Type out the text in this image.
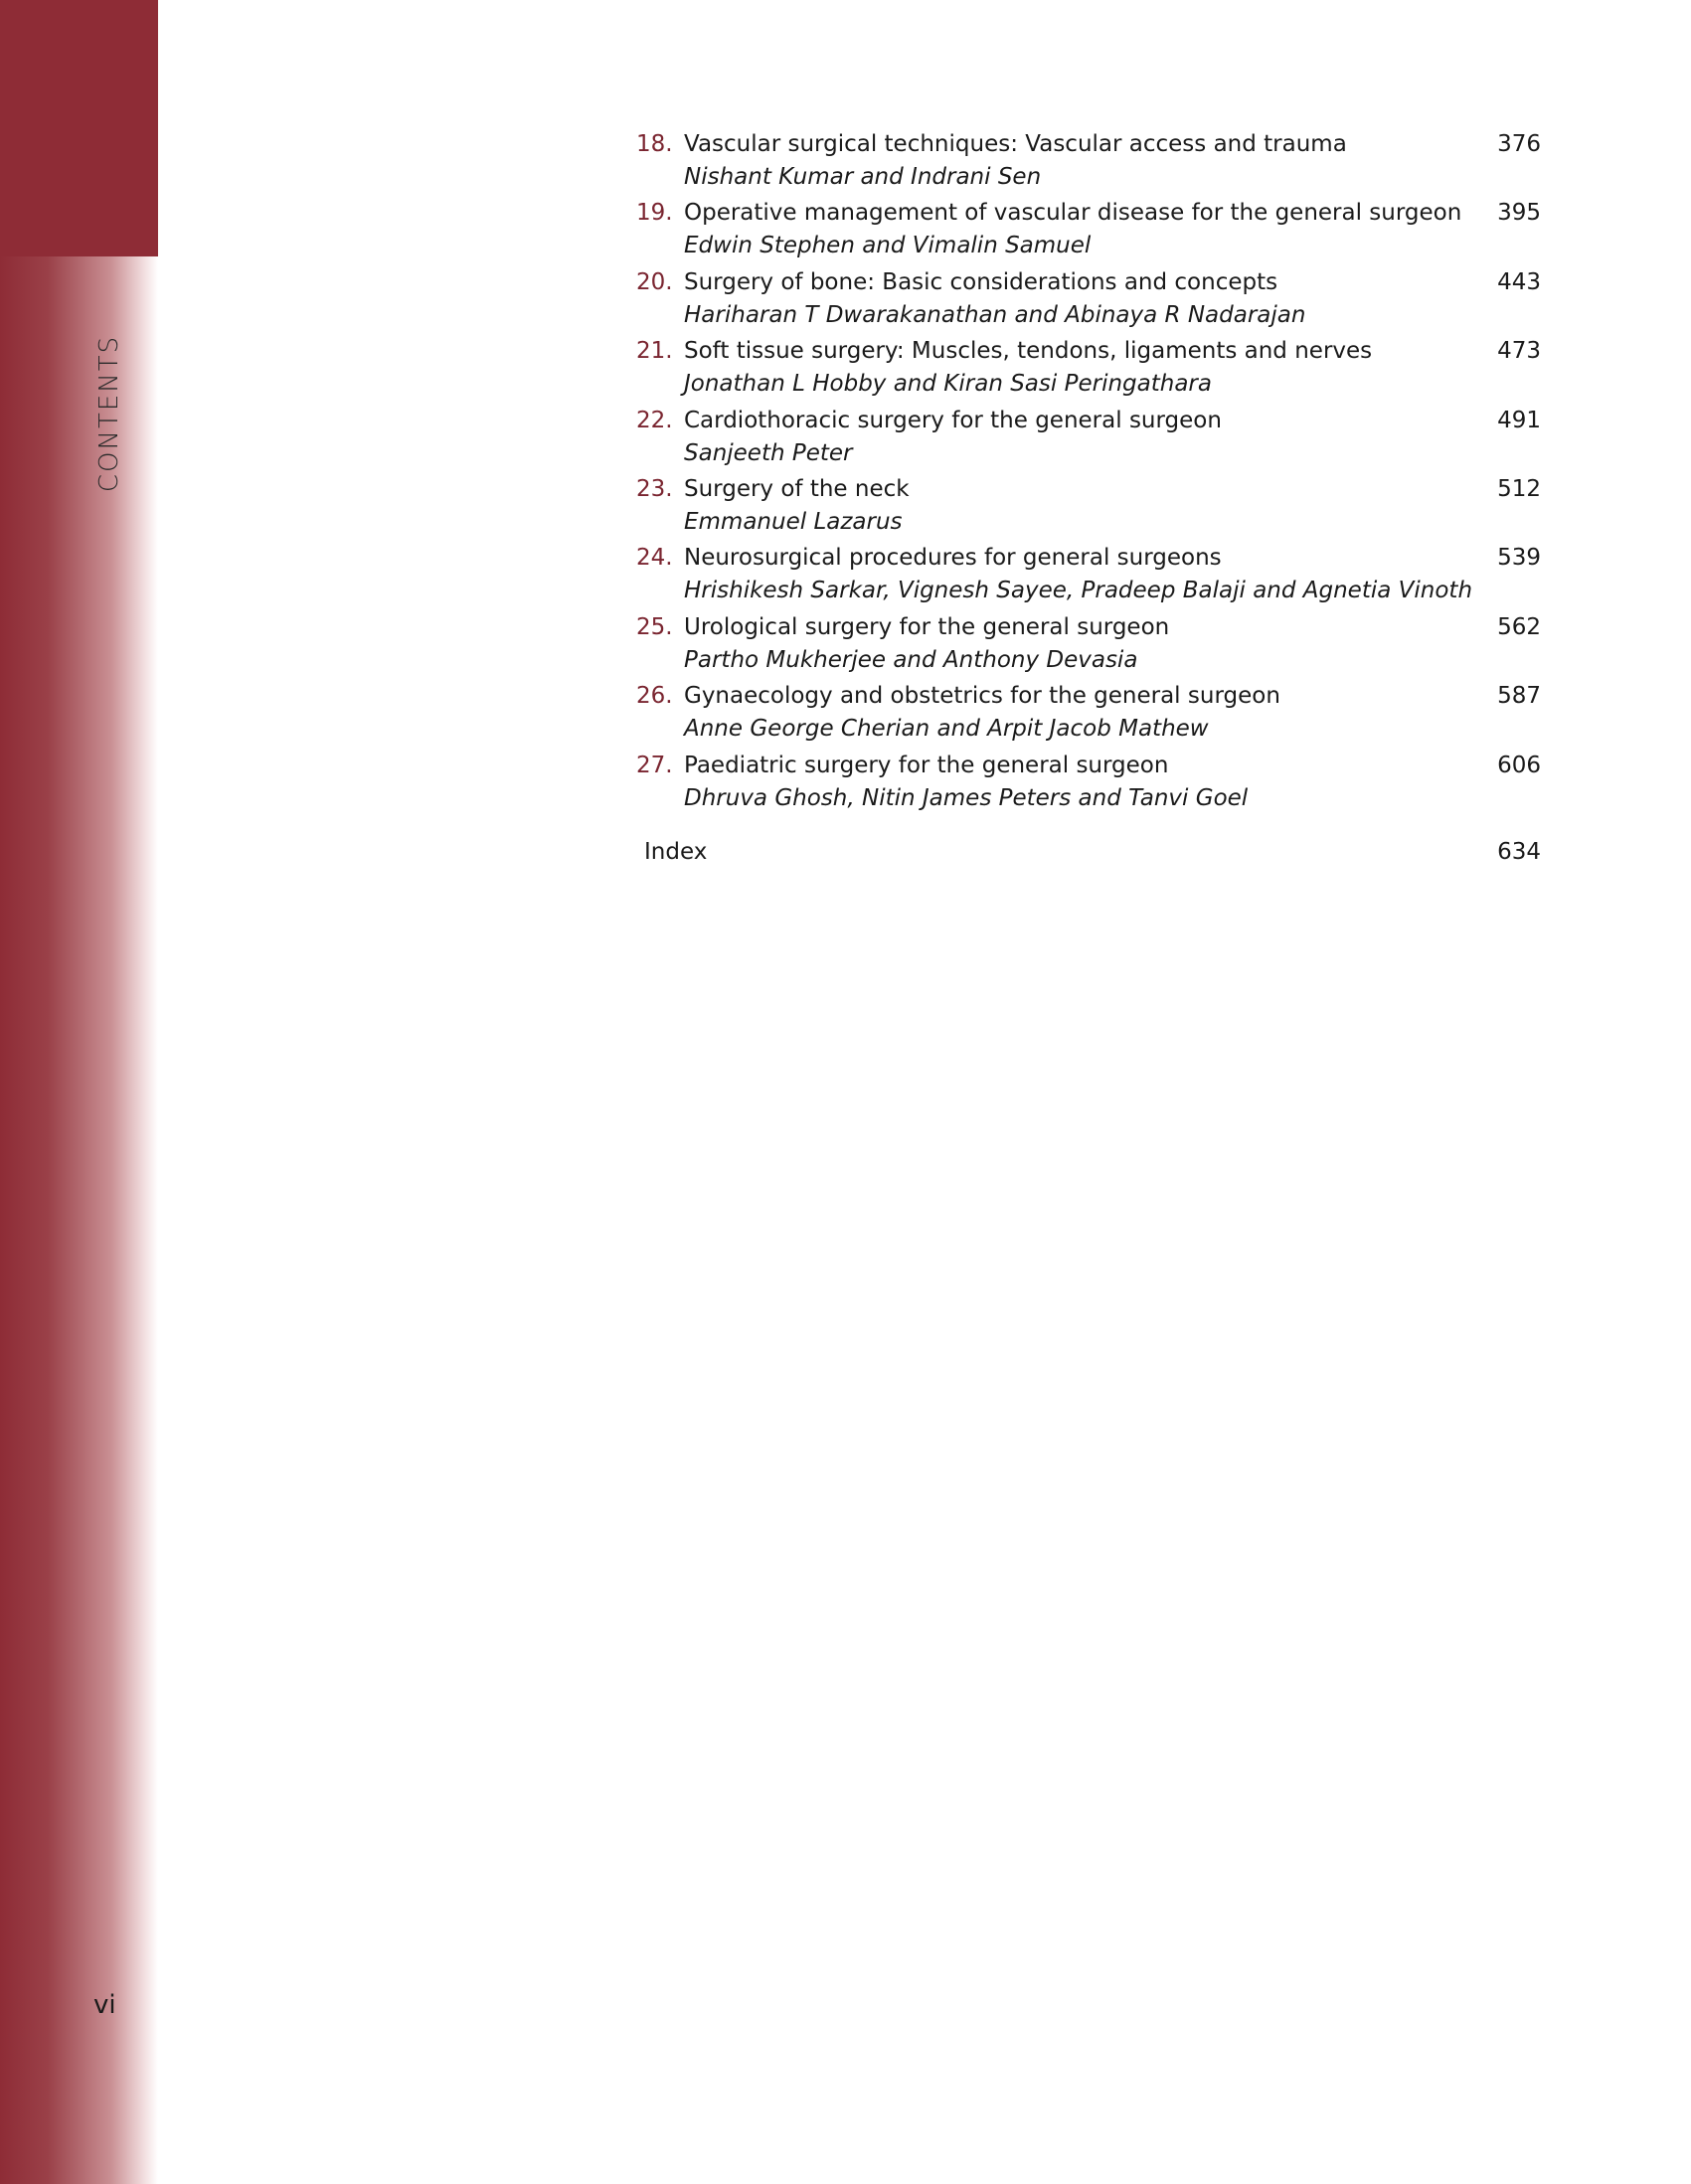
CONTENTS
vi
18. Vascular surgical techniques: Vascular access and trauma
Nishant Kumar and Indrani Sen
376
19. Operative management of vascular disease for the general surgeon
Edwin Stephen and Vimalin Samuel
395
20. Surgery of bone: Basic considerations and concepts
Hariharan T Dwarakanathan and Abinaya R Nadarajan
443
21. Soft tissue surgery: Muscles, tendons, ligaments and nerves
Jonathan L Hobby and Kiran Sasi Peringathara
473
22. Cardiothoracic surgery for the general surgeon
Sanjeeth Peter
491
23. Surgery of the neck
Emmanuel Lazarus
512
24. Neurosurgical procedures for general surgeons
Hrishikesh Sarkar, Vignesh Sayee, Pradeep Balaji and Agnetia Vinoth
539
25. Urological surgery for the general surgeon
Partho Mukherjee and Anthony Devasia
562
26. Gynaecology and obstetrics for the general surgeon
Anne George Cherian and Arpit Jacob Mathew
587
27. Paediatric surgery for the general surgeon
Dhruva Ghosh, Nitin James Peters and Tanvi Goel
606
Index	634
